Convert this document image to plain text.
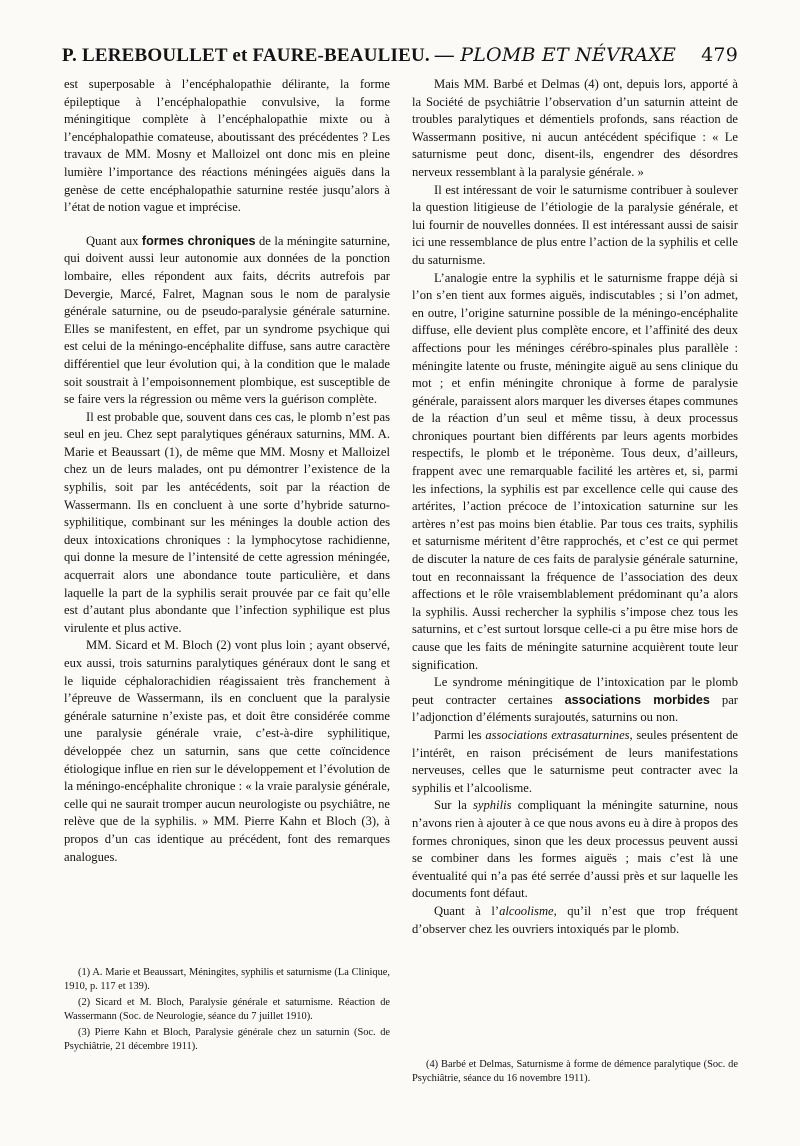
P. LEREBOULLET et FAURE-BEAULIEU. — PLOMB ET NÉVRAXE 479

est superposable à l’encéphalopathie délirante, la forme épileptique à l’encéphalopathie convulsive, la forme méningitique complète à l’encéphalopathie mixte ou à l’encéphalopathie comateuse, aboutissant des précédentes ? Les travaux de MM. Mosny et Malloizel ont donc mis en pleine lumière l’importance des réactions méningées aiguës dans la genèse de cette encéphalopathie saturnine restée jusqu’alors à l’état de notion vague et imprécise.

Quant aux formes chroniques de la méningite saturnine, qui doivent aussi leur autonomie aux données de la ponction lombaire, elles répondent aux faits, décrits autrefois par Devergie, Marcé, Falret, Magnan sous le nom de paralysie générale saturnine, ou de pseudo-paralysie générale saturnine. Elles se manifestent, en effet, par un syndrome psychique qui est celui de la méningo-encéphalite diffuse, sans autre caractère différentiel que leur évolution qui, à la condition que le malade soit soustrait à l’empoisonnement plombique, est susceptible de se faire vers la régression ou même vers la guérison complète.

Il est probable que, souvent dans ces cas, le plomb n’est pas seul en jeu. Chez sept paralytiques généraux saturnins, MM. A. Marie et Beaussart (1), de même que MM. Mosny et Malloizel chez un de leurs malades, ont pu démontrer l’existence de la syphilis, soit par les antécédents, soit par la réaction de Wassermann. Ils en concluent à une sorte d’hybride saturno-syphilitique, combinant sur les méninges la double action des deux intoxications chroniques : la lymphocytose rachidienne, qui donne la mesure de l’intensité de cette agression méningée, acquerrait alors une abondance toute particulière, et dans laquelle la part de la syphilis serait prouvée par ce fait qu’elle est d’autant plus abondante que l’infection syphilique est plus virulente et plus active.

MM. Sicard et M. Bloch (2) vont plus loin ; ayant observé, eux aussi, trois saturnins paralytiques généraux dont le sang et le liquide céphalorachidien réagissaient très franchement à l’épreuve de Wassermann, ils en concluent que la paralysie générale saturnine n’existe pas, et doit être considérée comme une paralysie générale vraie, c’est-à-dire syphilitique, développée chez un saturnin, sans que cette coïncidence étiologique influe en rien sur le développement et l’évolution de la méningo-encéphalite chronique : « la vraie paralysie générale, celle qui ne saurait tromper aucun neurologiste ou psychiâtre, ne relève que de la syphilis. » MM. Pierre Kahn et Bloch (3), à propos d’un cas identique au précédent, font des remarques analogues.

(1) A. Marie et Beaussart, Méningites, syphilis et saturnisme (La Clinique, 1910, p. 117 et 139).

(2) Sicard et M. Bloch, Paralysie générale et saturnisme. Réaction de Wassermann (Soc. de Neurologie, séance du 7 juillet 1910).

(3) Pierre Kahn et Bloch, Paralysie générale chez un saturnin (Soc. de Psychiâtrie, 21 décembre 1911).

Mais MM. Barbé et Delmas (4) ont, depuis lors, apporté à la Société de psychiâtrie l’observation d’un saturnin atteint de troubles paralytiques et démentiels profonds, sans réaction de Wassermann positive, ni aucun antécédent spécifique : « Le saturnisme peut donc, disent-ils, engendrer des désordres nerveux ressemblant à la paralysie générale. »

Il est intéressant de voir le saturnisme contribuer à soulever la question litigieuse de l’étiologie de la paralysie générale, et lui fournir de nouvelles données. Il est intéressant aussi de saisir ici une ressemblance de plus entre l’action de la syphilis et celle du saturnisme.

L’analogie entre la syphilis et le saturnisme frappe déjà si l’on s’en tient aux formes aiguës, indiscutables ; si l’on admet, en outre, l’origine saturnine possible de la méningo-encéphalite diffuse, elle devient plus complète encore, et l’affinité des deux affections pour les méninges cérébro-spinales plus parallèle : méningite latente ou fruste, méningite aiguë au sens clinique du mot ; et enfin méningite chronique à forme de paralysie générale, paraissent alors marquer les diverses étapes communes de la réaction d’un seul et même tissu, à deux processus chroniques pourtant bien différents par leurs agents morbides respectifs, le plomb et le tréponème. Tous deux, d’ailleurs, frappent avec une remarquable facilité les artères et, si, parmi les infections, la syphilis est par excellence celle qui cause des artérites, l’action précoce de l’intoxication saturnine sur les artères n’est pas moins bien établie. Par tous ces traits, syphilis et saturnisme méritent d’être rapprochés, et c’est ce qui permet de discuter la nature de ces faits de paralysie générale saturnine, tout en reconnaissant la fréquence de l’association des deux affections et le rôle vraisemblablement prédominant qu’a alors la syphilis. Aussi rechercher la syphilis s’impose chez tous les saturnins, et c’est surtout lorsque celle-ci a pu être mise hors de cause que les faits de méningite saturnine acquièrent toute leur signification.

Le syndrome méningitique de l’intoxication par le plomb peut contracter certaines associations morbides par l’adjonction d’éléments surajoutés, saturnins ou non.

Parmi les associations extrasaturnines, seules présentent de l’intérêt, en raison précisément de leurs manifestations nerveuses, celles que le saturnisme peut contracter avec la syphilis et l’alcoolisme.

Sur la syphilis compliquant la méningite saturnine, nous n’avons rien à ajouter à ce que nous avons eu à dire à propos des formes chroniques, sinon que les deux processus peuvent aussi se combiner dans les formes aiguës ; mais c’est là une éventualité qui n’a pas été serrée d’aussi près et sur laquelle les documents font défaut.

Quant à l’alcoolisme, qu’il n’est que trop fréquent d’observer chez les ouvriers intoxiqués par le plomb.

(4) Barbé et Delmas, Saturnisme à forme de démence paralytique (Soc. de Psychiâtrie, séance du 16 novembre 1911).
